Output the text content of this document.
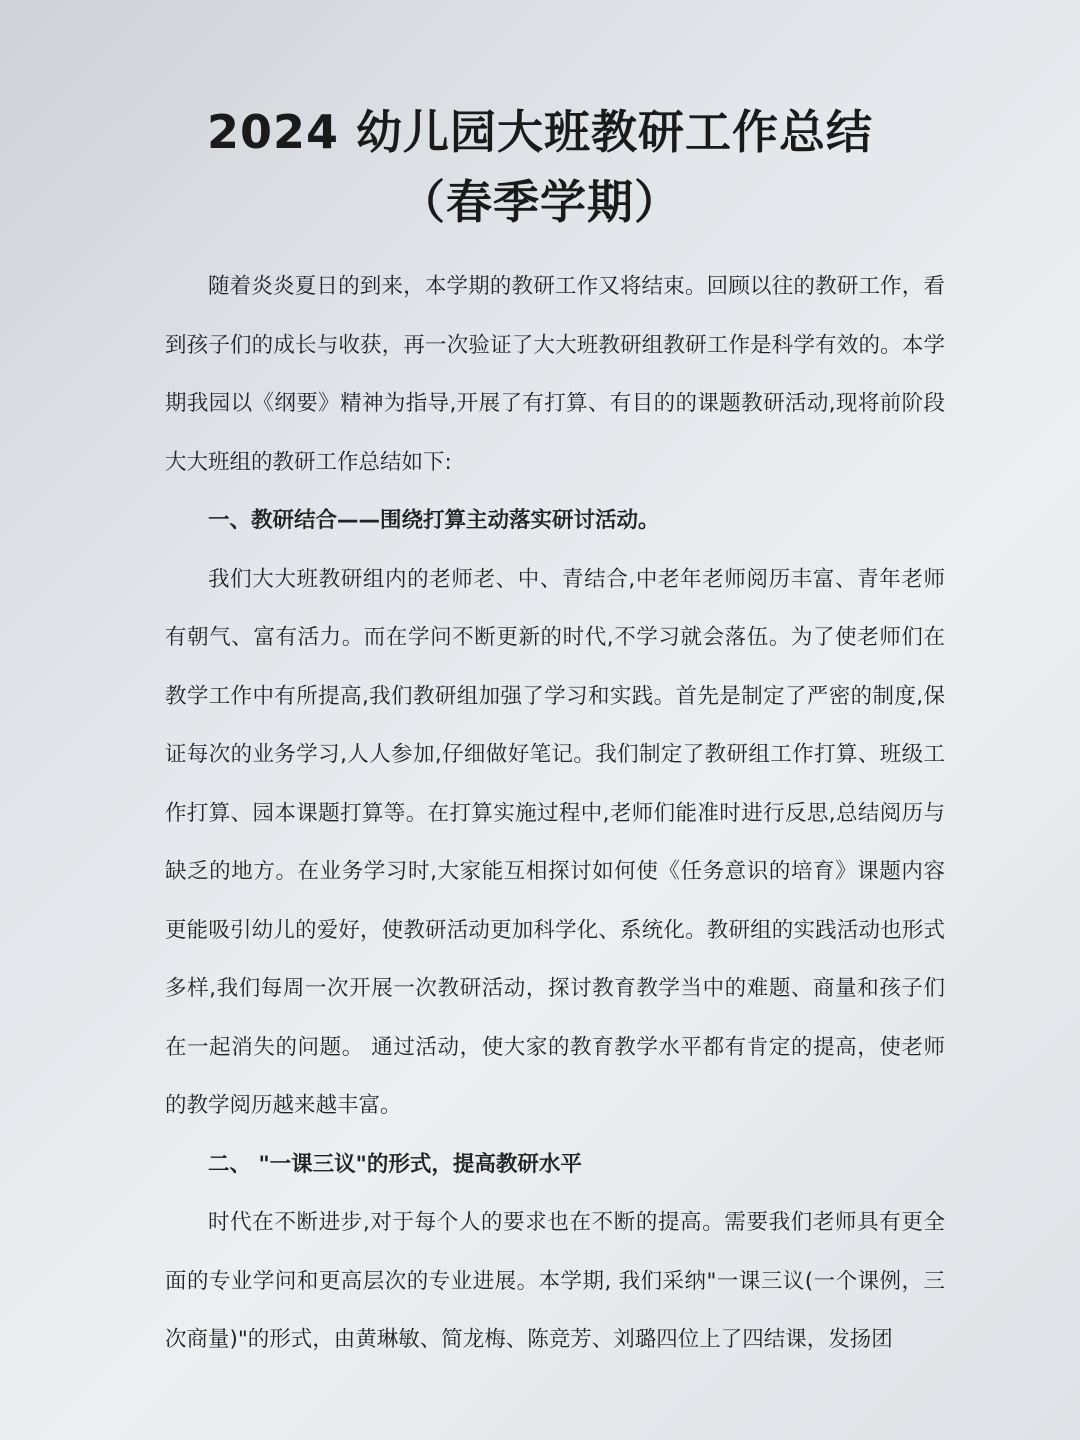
2024 幼儿园大班教研工作总结
（春季学期）

随着炎炎夏日的到来，本学期的教研工作又将结束。回顾以往的教研工作，看到孩子们的成长与收获，再一次验证了大大班教研组教研工作是科学有效的。本学期我园以《纲要》精神为指导,开展了有打算、有目的的课题教研活动,现将前阶段大大班组的教研工作总结如下:

一、教研结合——围绕打算主动落实研讨活动。

我们大大班教研组内的老师老、中、青结合,中老年老师阅历丰富、青年老师有朝气、富有活力。而在学问不断更新的时代,不学习就会落伍。为了使老师们在教学工作中有所提高,我们教研组加强了学习和实践。首先是制定了严密的制度,保证每次的业务学习,人人参加,仔细做好笔记。我们制定了教研组工作打算、班级工作打算、园本课题打算等。在打算实施过程中,老师们能准时进行反思,总结阅历与缺乏的地方。在业务学习时,大家能互相探讨如何使《任务意识的培育》课题内容更能吸引幼儿的爱好，使教研活动更加科学化、系统化。教研组的实践活动也形式多样,我们每周一次开展一次教研活动，探讨教育教学当中的难题、商量和孩子们在一起消失的问题。 通过活动，使大家的教育教学水平都有肯定的提高，使老师的教学阅历越来越丰富。

二、 "一课三议"的形式，提高教研水平

时代在不断进步,对于每个人的要求也在不断的提高。需要我们老师具有更全面的专业学问和更高层次的专业进展。本学期, 我们采纳"一课三议(一个课例，三次商量)"的形式，由黄琳敏、简龙梅、陈竞芳、刘璐四位上了四结课，发扬团
